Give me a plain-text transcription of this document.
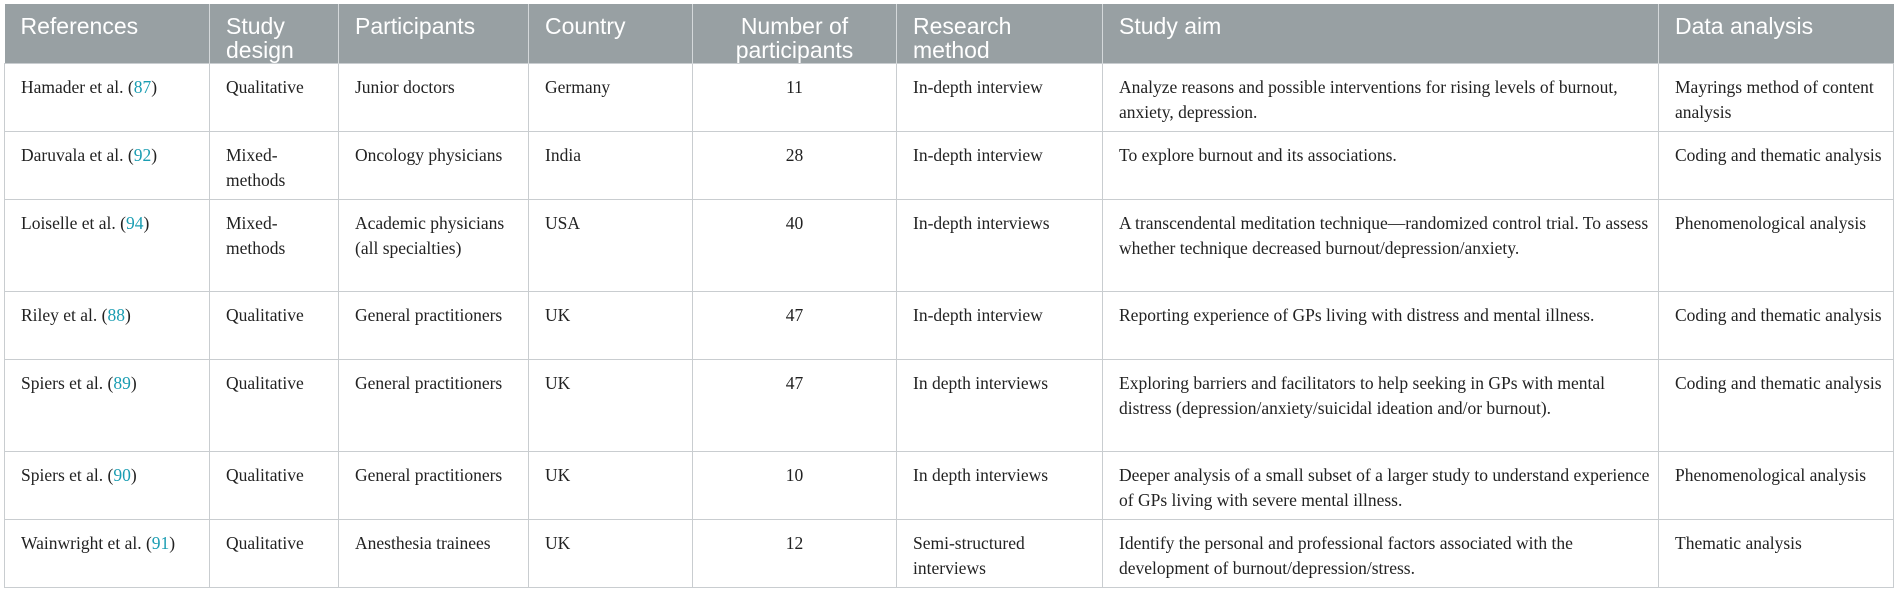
References	Study design	Participants	Country	Number of participants	Research method	Study aim	Data analysis
Hamader et al. (87)	Qualitative	Junior doctors	Germany	11	In-depth interview	Analyze reasons and possible interventions for rising levels of burnout, anxiety, depression.	Mayrings method of content analysis
Daruvala et al. (92)	Mixed-methods	Oncology physicians	India	28	In-depth interview	To explore burnout and its associations.	Coding and thematic analysis
Loiselle et al. (94)	Mixed-methods	Academic physicians (all specialties)	USA	40	In-depth interviews	A transcendental meditation technique—randomized control trial. To assess whether technique decreased burnout/depression/anxiety.	Phenomenological analysis
Riley et al. (88)	Qualitative	General practitioners	UK	47	In-depth interview	Reporting experience of GPs living with distress and mental illness.	Coding and thematic analysis
Spiers et al. (89)	Qualitative	General practitioners	UK	47	In depth interviews	Exploring barriers and facilitators to help seeking in GPs with mental distress (depression/anxiety/suicidal ideation and/or burnout).	Coding and thematic analysis
Spiers et al. (90)	Qualitative	General practitioners	UK	10	In depth interviews	Deeper analysis of a small subset of a larger study to understand experience of GPs living with severe mental illness.	Phenomenological analysis
Wainwright et al. (91)	Qualitative	Anesthesia trainees	UK	12	Semi-structured interviews	Identify the personal and professional factors associated with the development of burnout/depression/stress.	Thematic analysis
